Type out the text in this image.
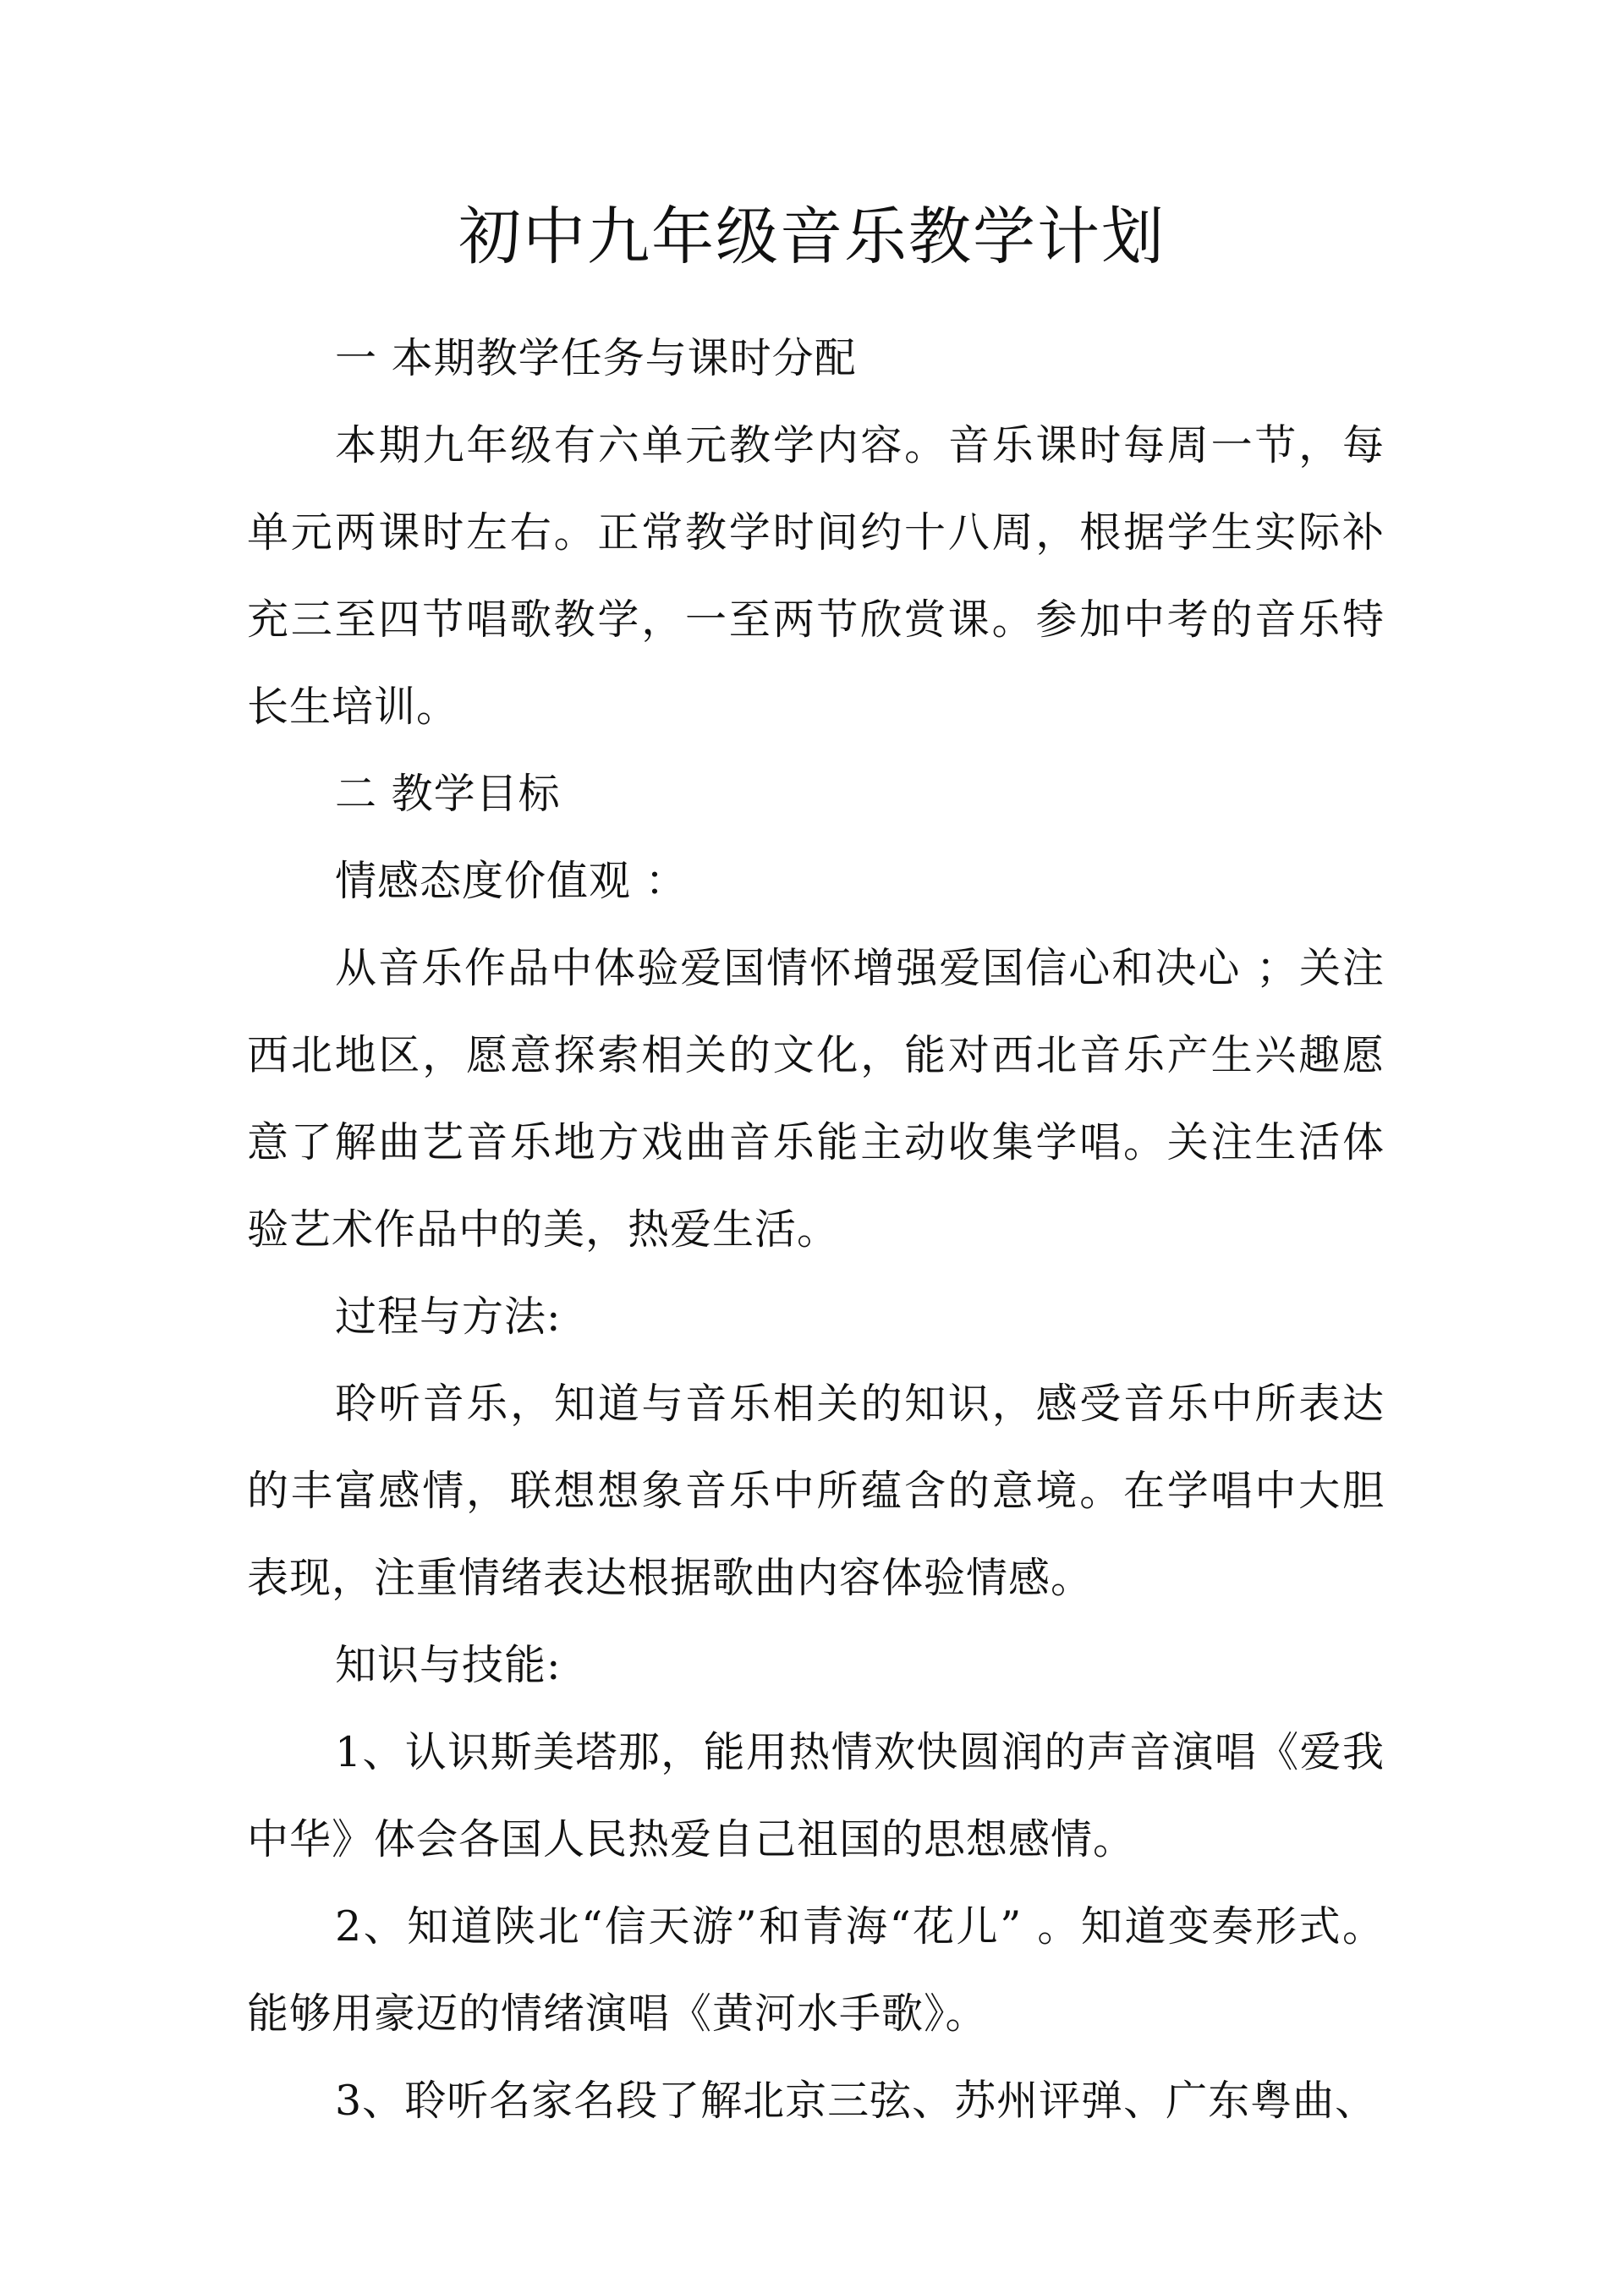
初中九年级音乐教学计划

一 本期教学任务与课时分配

本期九年级有六单元教学内容。音乐课时每周一节，每单元两课时左右。正常教学时间约十八周，根据学生实际补充三至四节唱歌教学，一至两节欣赏课。参加中考的音乐特长生培训。

二 教学目标

情感态度价值观 ：

从音乐作品中体验爱国情怀增强爱国信心和决心 ；关注西北地区，愿意探索相关的文化，能对西北音乐产生兴趣愿意了解曲艺音乐地方戏曲音乐能主动收集学唱。关注生活体验艺术作品中的美，热爱生活。

过程与方法:

聆听音乐，知道与音乐相关的知识，感受音乐中所表达的丰富感情，联想想象音乐中所蕴含的意境。在学唱中大胆表现，注重情绪表达根据歌曲内容体验情感。

知识与技能:

1、认识斯美塔那，能用热情欢快圆润的声音演唱《爱我中华》体会各国人民热爱自己祖国的思想感情。

2、知道陕北“信天游”和青海“花儿” 。知道变奏形式。能够用豪迈的情绪演唱《黄河水手歌》。

3、聆听名家名段了解北京三弦、苏州评弹、广东粤曲、
